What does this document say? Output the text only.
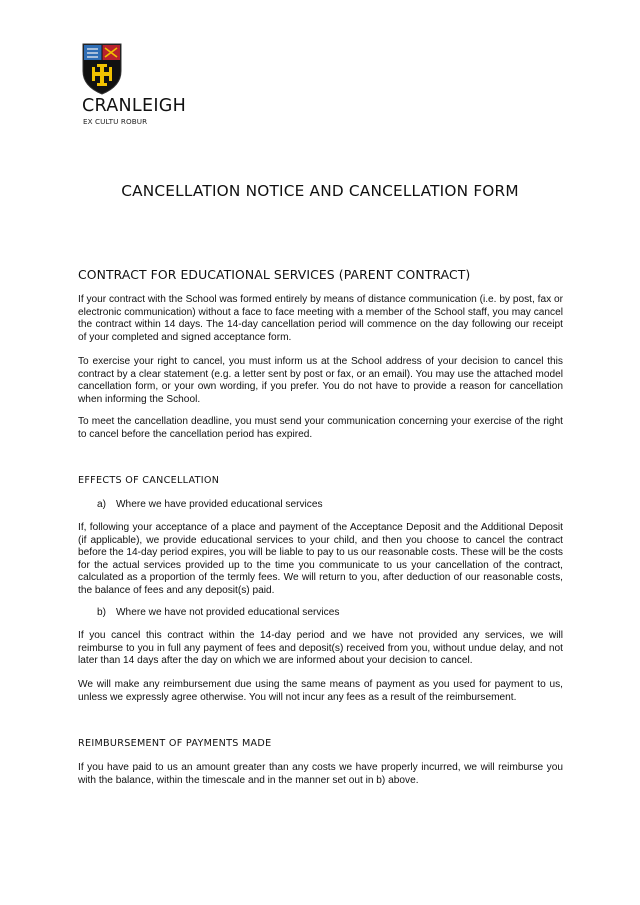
CRANLEIGH
EX CULTU ROBUR
CANCELLATION NOTICE AND CANCELLATION FORM
CONTRACT FOR EDUCATIONAL SERVICES (PARENT CONTRACT)

If your contract with the School was formed entirely by means of distance communication (i.e. by post, fax or electronic communication) without a face to face meeting with a member of the School staff, you may cancel the contract within 14 days. The 14-day cancellation period will commence on the day following our receipt of your completed and signed acceptance form.

To exercise your right to cancel, you must inform us at the School address of your decision to cancel this contract by a clear statement (e.g. a letter sent by post or fax, or an email). You may use the attached model cancellation form, or your own wording, if you prefer. You do not have to provide a reason for cancellation when informing the School.

To meet the cancellation deadline, you must send your communication concerning your exercise of the right to cancel before the cancellation period has expired.

EFFECTS OF CANCELLATION
a) Where we have provided educational services

If, following your acceptance of a place and payment of the Acceptance Deposit and the Additional Deposit (if applicable), we provide educational services to your child, and then you choose to cancel the contract before the 14-day period expires, you will be liable to pay to us our reasonable costs. These will be the costs for the actual services provided up to the time you communicate to us your cancellation of the contract, calculated as a proportion of the termly fees. We will return to you, after deduction of our reasonable costs, the balance of fees and any deposit(s) paid.

b) Where we have not provided educational services

If you cancel this contract within the 14-day period and we have not provided any services, we will reimburse to you in full any payment of fees and deposit(s) received from you, without undue delay, and not later than 14 days after the day on which we are informed about your decision to cancel.

We will make any reimbursement due using the same means of payment as you used for payment to us, unless we expressly agree otherwise. You will not incur any fees as a result of the reimbursement.

REIMBURSEMENT OF PAYMENTS MADE

If you have paid to us an amount greater than any costs we have properly incurred, we will reimburse you with the balance, within the timescale and in the manner set out in b) above.
